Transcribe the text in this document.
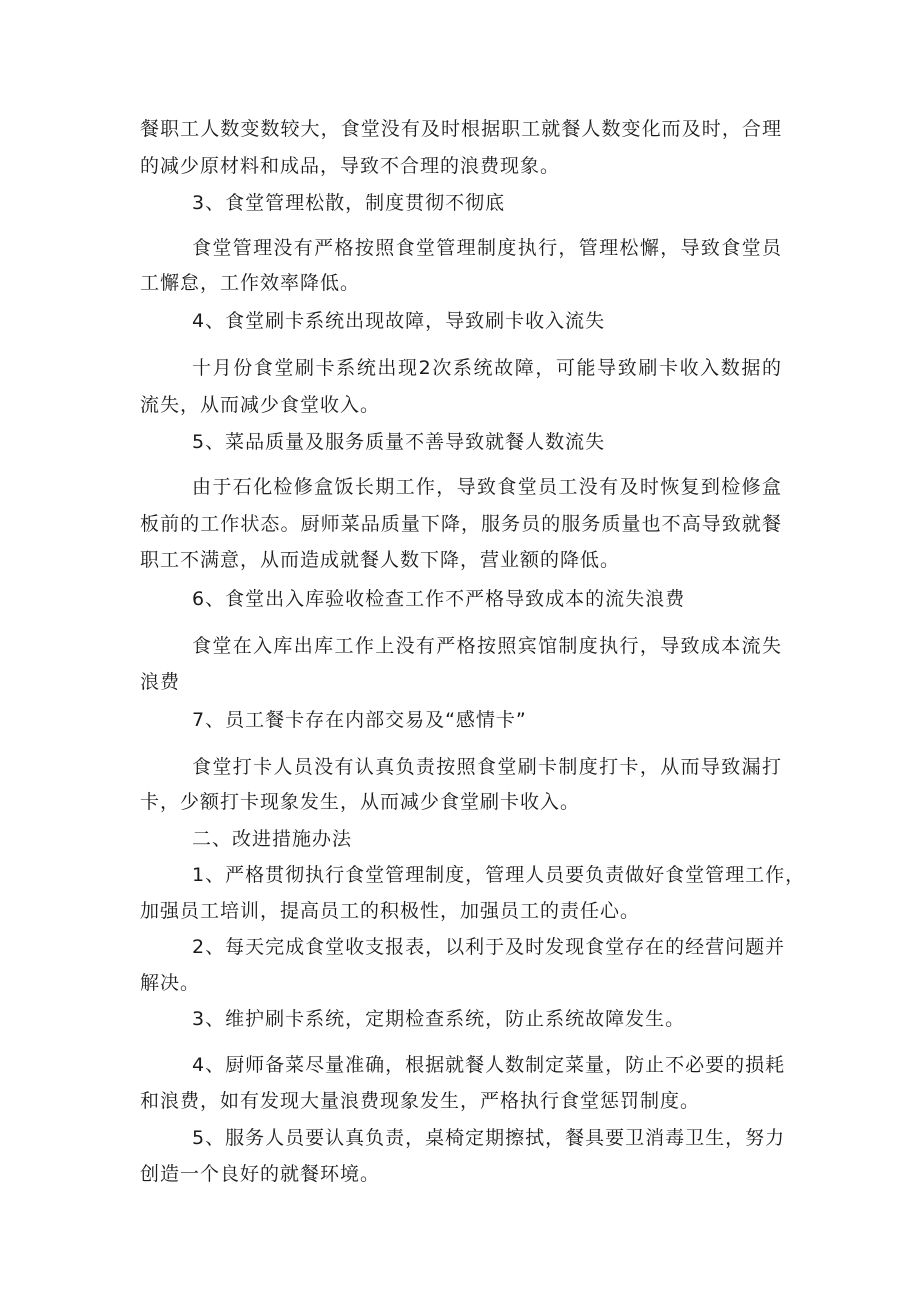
餐职工人数变数较大，食堂没有及时根据职工就餐人数变化而及时，合理
的减少原材料和成品，导致不合理的浪费现象。
3、食堂管理松散，制度贯彻不彻底
食堂管理没有严格按照食堂管理制度执行，管理松懈，导致食堂员
工懈怠，工作效率降低。
4、食堂刷卡系统出现故障，导致刷卡收入流失
十月份食堂刷卡系统出现2次系统故障，可能导致刷卡收入数据的
流失，从而减少食堂收入。
5、菜品质量及服务质量不善导致就餐人数流失
由于石化检修盒饭长期工作，导致食堂员工没有及时恢复到检修盒
板前的工作状态。厨师菜品质量下降，服务员的服务质量也不高导致就餐
职工不满意，从而造成就餐人数下降，营业额的降低。
6、食堂出入库验收检查工作不严格导致成本的流失浪费
食堂在入库出库工作上没有严格按照宾馆制度执行，导致成本流失
浪费
7、员工餐卡存在内部交易及“感情卡”
食堂打卡人员没有认真负责按照食堂刷卡制度打卡，从而导致漏打
卡，少额打卡现象发生，从而减少食堂刷卡收入。
二、改进措施办法
1、严格贯彻执行食堂管理制度，管理人员要负责做好食堂管理工作，
加强员工培训，提高员工的积极性，加强员工的责任心。
2、每天完成食堂收支报表，以利于及时发现食堂存在的经营问题并
解决。
3、维护刷卡系统，定期检查系统，防止系统故障发生。
4、厨师备菜尽量准确，根据就餐人数制定菜量，防止不必要的损耗
和浪费，如有发现大量浪费现象发生，严格执行食堂惩罚制度。
5、服务人员要认真负责，桌椅定期擦拭，餐具要卫消毒卫生，努力
创造一个良好的就餐环境。
